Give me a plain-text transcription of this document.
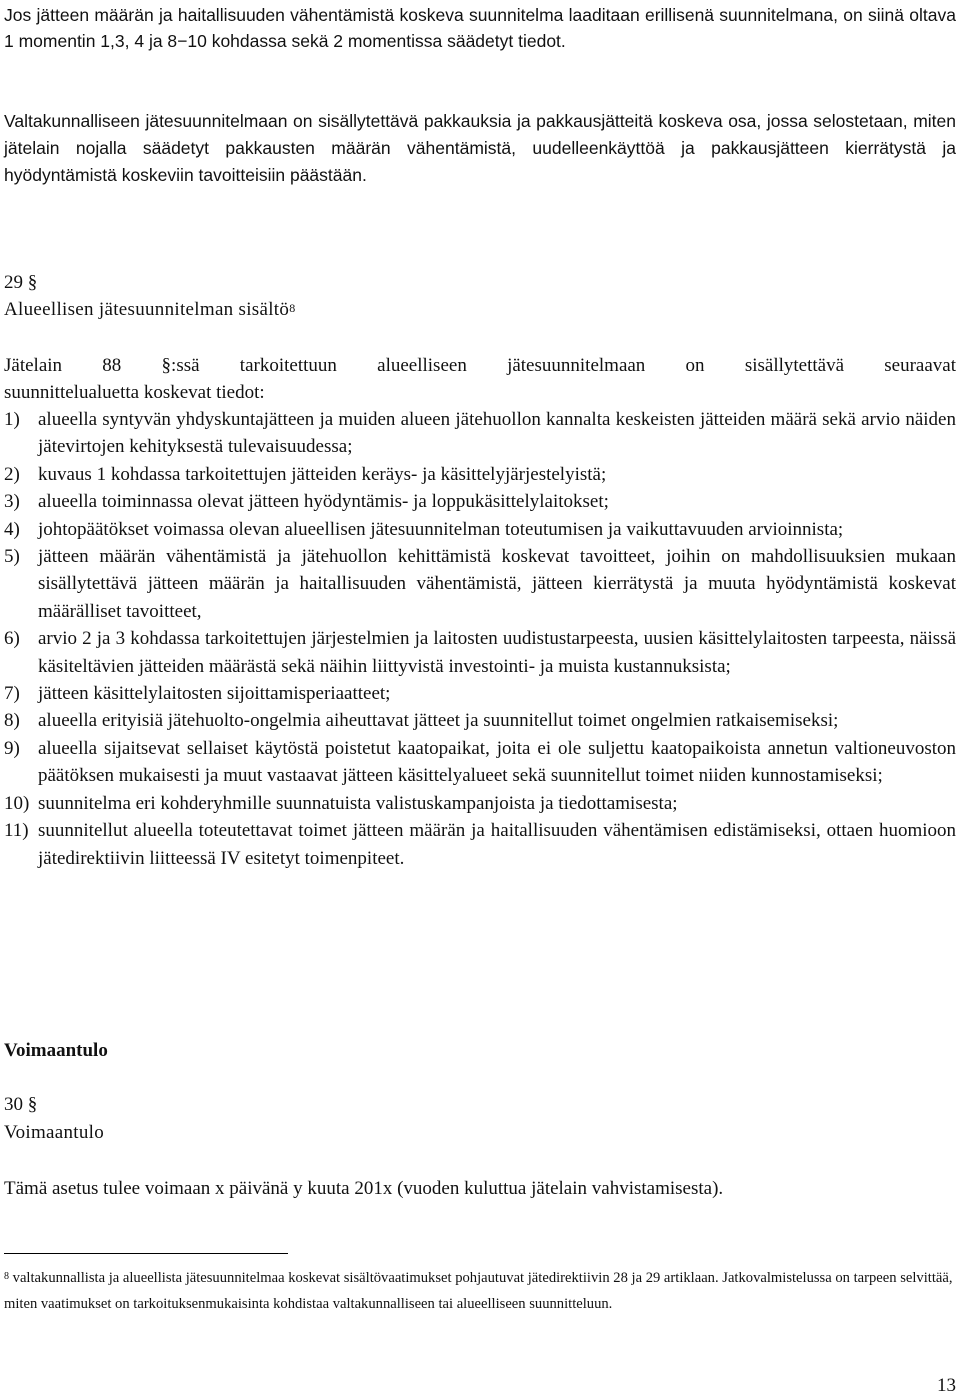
Jos jätteen määrän ja haitallisuuden vähentämistä koskeva suunnitelma laaditaan erillisenä suunnitelmana, on siinä oltava 1 momentin 1,3, 4 ja 8−10 kohdassa sekä 2 momentissa säädetyt tiedot.

Valtakunnalliseen jätesuunnitelmaan on sisällytettävä pakkauksia ja pakkausjätteitä koskeva osa, jossa selostetaan, miten jätelain nojalla säädetyt pakkausten määrän vähentämistä, uudelleenkäyttöä ja pakkausjätteen kierrätystä ja hyödyntämistä koskeviin tavoitteisiin päästään.

29 §
Alueellisen jätesuunnitelman sisältö$^8$
Jätelain 88 §:ssä tarkoitettuun alueelliseen jätesuunnitelmaan on sisällytettävä seuraavat
suunnittelualuetta koskevat tiedot:
1) alueella syntyvän yhdyskuntajätteen ja muiden alueen jätehuollon kannalta keskeisten jätteiden määrä sekä arvio näiden jätevirtojen kehityksestä tulevaisuudessa;
2) kuvaus 1 kohdassa tarkoitettujen jätteiden keräys- ja käsittelyjärjestelyistä;
3) alueella toiminnassa olevat jätteen hyödyntämis- ja loppukäsittelylaitokset;
4) johtopäätökset voimassa olevan alueellisen jätesuunnitelman toteutumisen ja vaikuttavuuden arvioinnista;
5) jätteen määrän vähentämistä ja jätehuollon kehittämistä koskevat tavoitteet, joihin on mahdollisuuksien mukaan sisällytettävä jätteen määrän ja haitallisuuden vähentämistä, jätteen kierrätystä ja muuta hyödyntämistä koskevat määrälliset tavoitteet,
6) arvio 2 ja 3 kohdassa tarkoitettujen järjestelmien ja laitosten uudistustarpeesta, uusien käsittelylaitosten tarpeesta, näissä käsiteltävien jätteiden määrästä sekä näihin liittyvistä investointi- ja muista kustannuksista;
7) jätteen käsittelylaitosten sijoittamisperiaatteet;
8) alueella erityisiä jätehuolto-ongelmia aiheuttavat jätteet ja suunnitellut toimet ongelmien ratkaisemiseksi;
9) alueella sijaitsevat sellaiset käytöstä poistetut kaatopaikat, joita ei ole suljettu kaatopaikoista annetun valtioneuvoston päätöksen mukaisesti ja muut vastaavat jätteen käsittelyalueet sekä suunnitellut toimet niiden kunnostamiseksi;
10) suunnitelma eri kohderyhmille suunnatuista valistuskampanjoista ja tiedottamisesta;
11) suunnitellut alueella toteutettavat toimet jätteen määrän ja haitallisuuden vähentämisen edistämiseksi, ottaen huomioon jätedirektiivin liitteessä IV esitetyt toimenpiteet.
Voimaantulo
30 §
Voimaantulo
Tämä asetus tulee voimaan x päivänä y kuuta 201x (vuoden kuluttua jätelain vahvistamisesta).
$^8$ valtakunnallista ja alueellista jätesuunnitelmaa koskevat sisältövaatimukset pohjautuvat jätedirektiivin 28 ja 29 artiklaan. Jatkovalmistelussa on tarpeen selvittää, miten vaatimukset on tarkoituksenmukaisinta kohdistaa valtakunnalliseen tai alueelliseen suunnitteluun.
13
